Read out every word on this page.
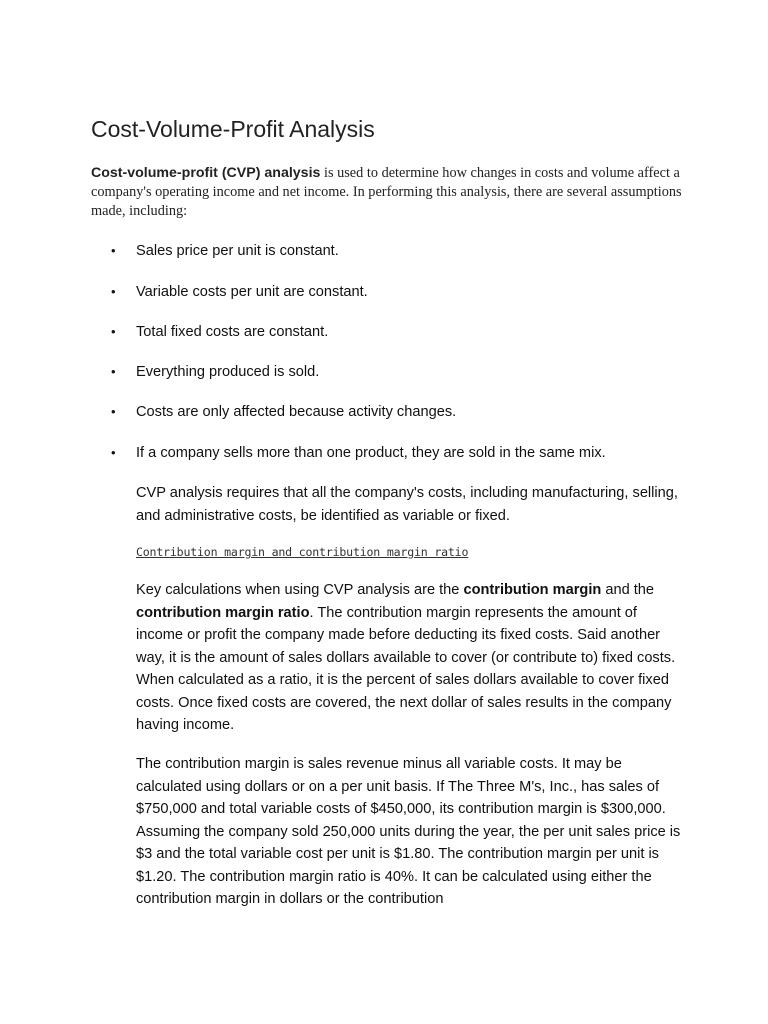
Cost-Volume-Profit Analysis

Cost-volume-profit (CVP) analysis is used to determine how changes in costs and volume affect a company's operating income and net income. In performing this analysis, there are several assumptions made, including:

• Sales price per unit is constant.
• Variable costs per unit are constant.
• Total fixed costs are constant.
• Everything produced is sold.
• Costs are only affected because activity changes.
• If a company sells more than one product, they are sold in the same mix.

CVP analysis requires that all the company's costs, including manufacturing, selling, and administrative costs, be identified as variable or fixed.

Contribution margin and contribution margin ratio

Key calculations when using CVP analysis are the contribution margin and the contribution margin ratio. The contribution margin represents the amount of income or profit the company made before deducting its fixed costs. Said another way, it is the amount of sales dollars available to cover (or contribute to) fixed costs. When calculated as a ratio, it is the percent of sales dollars available to cover fixed costs. Once fixed costs are covered, the next dollar of sales results in the company having income.

The contribution margin is sales revenue minus all variable costs. It may be calculated using dollars or on a per unit basis. If The Three M's, Inc., has sales of $750,000 and total variable costs of $450,000, its contribution margin is $300,000. Assuming the company sold 250,000 units during the year, the per unit sales price is $3 and the total variable cost per unit is $1.80. The contribution margin per unit is $1.20. The contribution margin ratio is 40%. It can be calculated using either the contribution margin in dollars or the contribution
